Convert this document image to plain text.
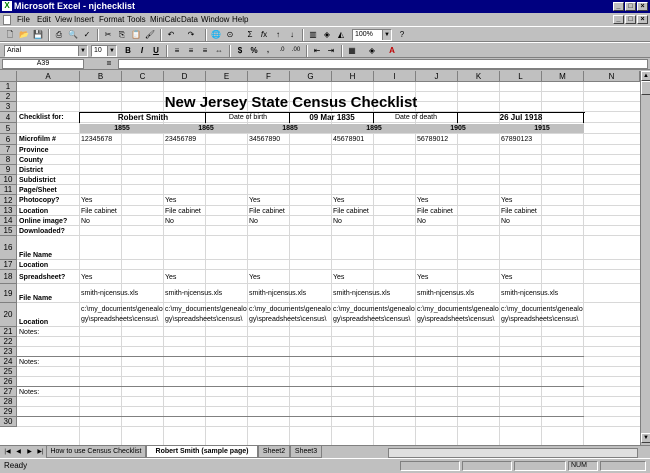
X Microsoft Excel - njchecklist	_	□	×
File Edit View Insert Format Tools MiniCalc Data Window Help	_	□	×
🗋 📂 💾	⎙ 🔍 ✓	✂ ⎘ 📋 🖌	↶	↷	🌐 ⊙	Σ	fx	↑	↓	▥ ◈ ◭	100%	▼	?
Arial	▼	10	▼	B	I	U	≡	≡	≡ ⇔	$	%	,	.0	.00	⇤ ⇥	▦	◈	A
A39	=
A	B	C	D	E	F	G	H	I	J	K	L	M	N
1
2
3
4
5
6
7
8
9
10
11
12
13
14
15
16
17
18
19
20
21
22
23
24
25
26
27
28
29
30
New Jersey State Census Checklist
Checklist for:	Robert Smith	Date of birth	09 Mar 1835	Date of death	26 Jul 1918
1855	1865	1885	1895	1905	1915
Microfilm #
Province
County
District
Subdistrict
Page/Sheet
Photocopy?
Location
Online image?
Downloaded?
File Name
Location
Spreadsheet?
File Name
Location
Notes:
Notes:
Notes:
12345678
Yes
File cabinet
No
Yes
smith-njcensus.xls
c:\my_documents\genealo
gy\spreadsheets\census\
23456789
Yes
File cabinet
No
Yes
smith-njcensus.xls
c:\my_documents\genealo
gy\spreadsheets\census\
34567890
Yes
File cabinet
No
Yes
smith-njcensus.xls
c:\my_documents\genealo
gy\spreadsheets\census\
45678901
Yes
File cabinet
No
Yes
smith-njcensus.xls
c:\my_documents\genealo
gy\spreadsheets\census\
56789012
Yes
File cabinet
No
Yes
smith-njcensus.xls
c:\my_documents\genealo
gy\spreadsheets\census\
67890123
Yes
File cabinet
No
Yes
smith-njcensus.xls
c:\my_documents\genealo
gy\spreadsheets\census\
▲
▼
|◀ ◀	▶ ▶| How to use Census Checklist	Robert Smith (sample page)	Sheet2	Sheet3
Ready	NUM
